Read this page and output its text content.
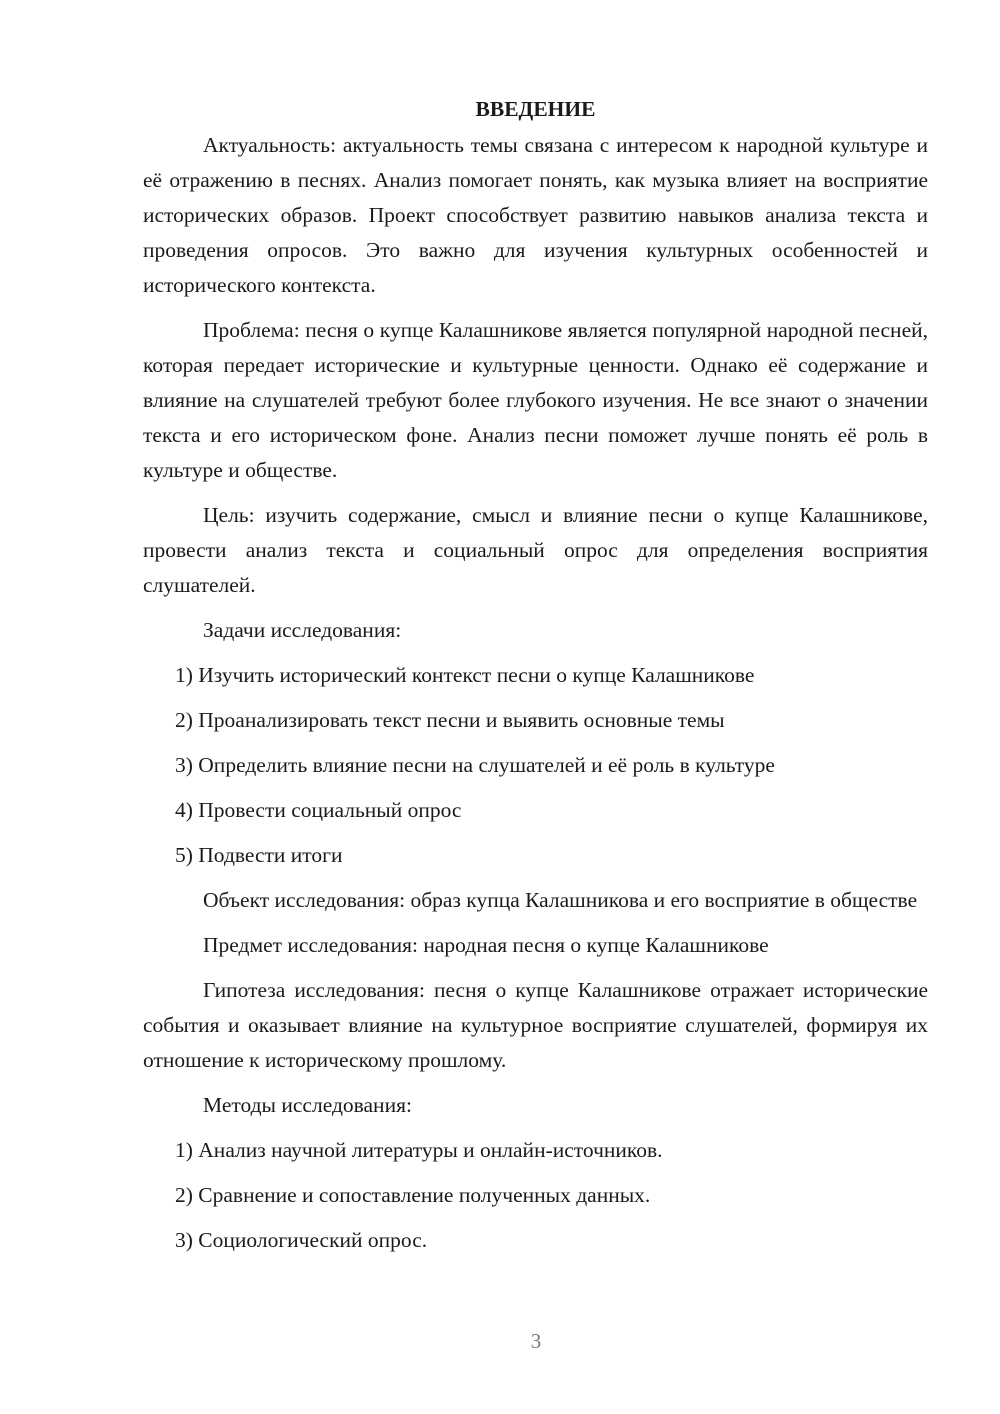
ВВЕДЕНИЕ

Актуальность: актуальность темы связана с интересом к народной культуре и её отражению в песнях. Анализ помогает понять, как музыка влияет на восприятие исторических образов. Проект способствует развитию навыков анализа текста и проведения опросов. Это важно для изучения культурных особенностей и исторического контекста.

Проблема: песня о купце Калашникове является популярной народной песней, которая передает исторические и культурные ценности. Однако её содержание и влияние на слушателей требуют более глубокого изучения. Не все знают о значении текста и его историческом фоне. Анализ песни поможет лучше понять её роль в культуре и обществе.

Цель: изучить содержание, смысл и влияние песни о купце Калашникове, провести анализ текста и социальный опрос для определения восприятия слушателей.

Задачи исследования:

1) Изучить исторический контекст песни о купце Калашникове
2) Проанализировать текст песни и выявить основные темы
3) Определить влияние песни на слушателей и её роль в культуре
4) Провести социальный опрос
5) Подвести итоги

Объект исследования: образ купца Калашникова и его восприятие в обществе

Предмет исследования: народная песня о купце Калашникове

Гипотеза исследования: песня о купце Калашникове отражает исторические события и оказывает влияние на культурное восприятие слушателей, формируя их отношение к историческому прошлому.

Методы исследования:

1) Анализ научной литературы и онлайн-источников.
2) Сравнение и сопоставление полученных данных.
3) Социологический опрос.
3
